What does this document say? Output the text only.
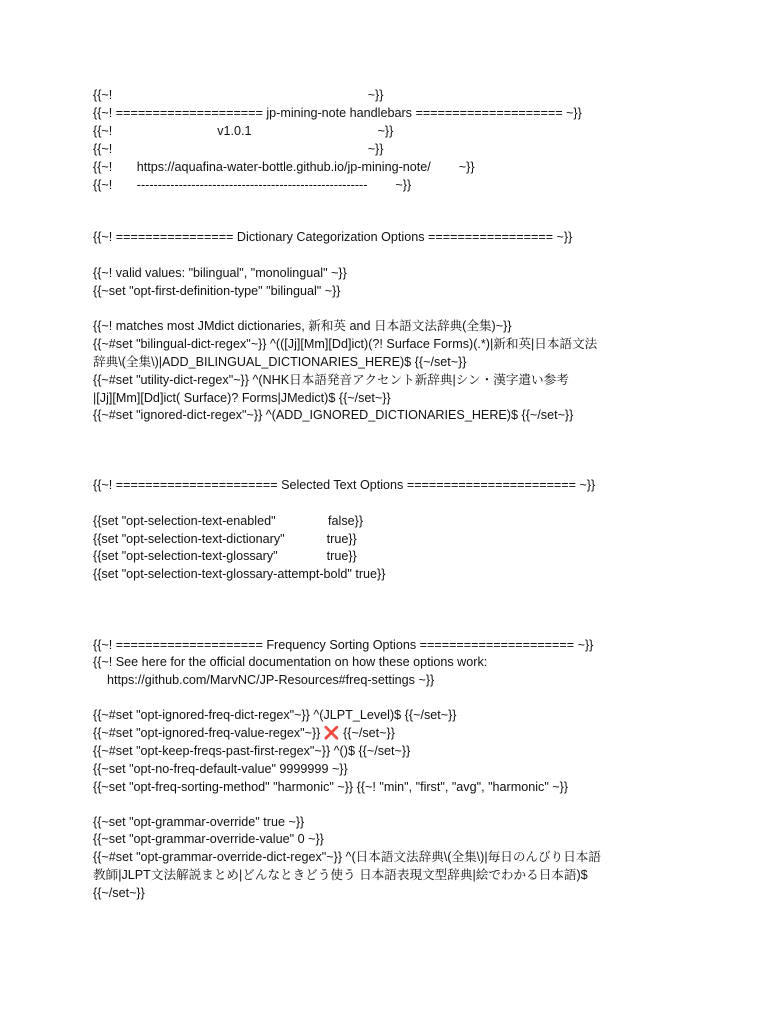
{{~!                                                                         ~}}
{{~! ==================== jp-mining-note handlebars ==================== ~}}
{{~!                              v1.0.1                                    ~}}
{{~!                                                                         ~}}
{{~!       https://aquafina-water-bottle.github.io/jp-mining-note/        ~}}
{{~!       -------------------------------------------------------        ~}}
{{~! ================ Dictionary Categorization Options ================= ~}}
{{~! valid values: "bilingual", "monolingual" ~}}
{{~set "opt-first-definition-type" "bilingual" ~}}
{{~! matches most JMdict dictionaries, 新和英 and 日本語文法辞典(全集)~}}
{{~#set "bilingual-dict-regex"~}} ^(([Jj][Mm][Dd]ict)(?! Surface Forms)(.*)|新和英|日本語文法
辞典\(全集\)|ADD_BILINGUAL_DICTIONARIES_HERE)$ {{~/set~}}
{{~#set "utility-dict-regex"~}} ^(NHK日本語発音アクセント新辞典|シン・漢字遣い参考
|[Jj][Mm][Dd]ict( Surface)? Forms|JMedict)$ {{~/set~}}
{{~#set "ignored-dict-regex"~}} ^(ADD_IGNORED_DICTIONARIES_HERE)$ {{~/set~}}
{{~! ====================== Selected Text Options ======================= ~}}
{{set "opt-selection-text-enabled"               false}}
{{set "opt-selection-text-dictionary"            true}}
{{set "opt-selection-text-glossary"              true}}
{{set "opt-selection-text-glossary-attempt-bold" true}}
{{~! ==================== Frequency Sorting Options ===================== ~}}
{{~! See here for the official documentation on how these options work:
https://github.com/MarvNC/JP-Resources#freq-settings ~}}
{{~#set "opt-ignored-freq-dict-regex"~}} ^(JLPT_Level)$ {{~/set~}}
{{~#set "opt-ignored-freq-value-regex"~}} ❌ {{~/set~}}
{{~#set "opt-keep-freqs-past-first-regex"~}} ^()$ {{~/set~}}
{{~set "opt-no-freq-default-value" 9999999 ~}}
{{~set "opt-freq-sorting-method" "harmonic" ~}} {{~! "min", "first", "avg", "harmonic" ~}}
{{~set "opt-grammar-override" true ~}}
{{~set "opt-grammar-override-value" 0 ~}}
{{~#set "opt-grammar-override-dict-regex"~}} ^(日本語文法辞典\(全集\)|毎日のんびり日本語
教師|JLPT文法解説まとめ|どんなときどう使う 日本語表現文型辞典|絵でわかる日本語)$
{{~/set~}}
